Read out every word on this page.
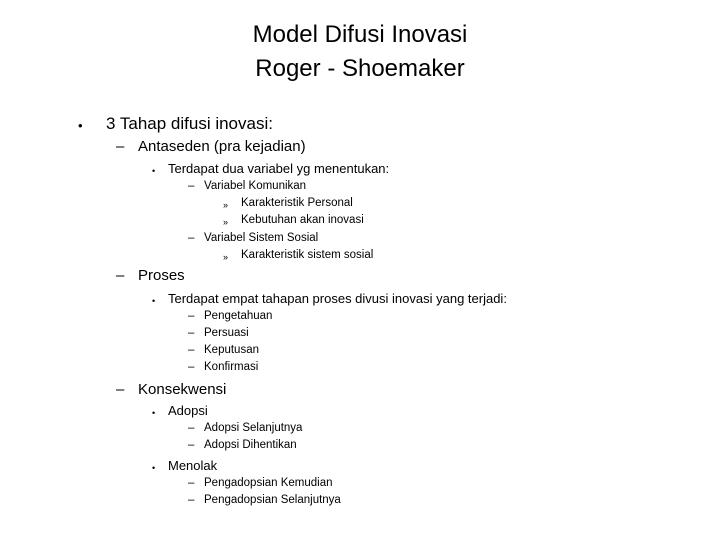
Model Difusi Inovasi
Roger - Shoemaker
• 3 Tahap difusi inovasi:
– Antaseden (pra kejadian)
• Terdapat dua variabel yg menentukan:
– Variabel Komunikan
» Karakteristik Personal
» Kebutuhan akan inovasi
– Variabel Sistem Sosial
» Karakteristik sistem sosial
– Proses
• Terdapat empat tahapan proses divusi inovasi yang terjadi:
– Pengetahuan
– Persuasi
– Keputusan
– Konfirmasi
– Konsekwensi
• Adopsi
– Adopsi Selanjutnya
– Adopsi Dihentikan
• Menolak
– Pengadopsian Kemudian
– Pengadopsian Selanjutnya
